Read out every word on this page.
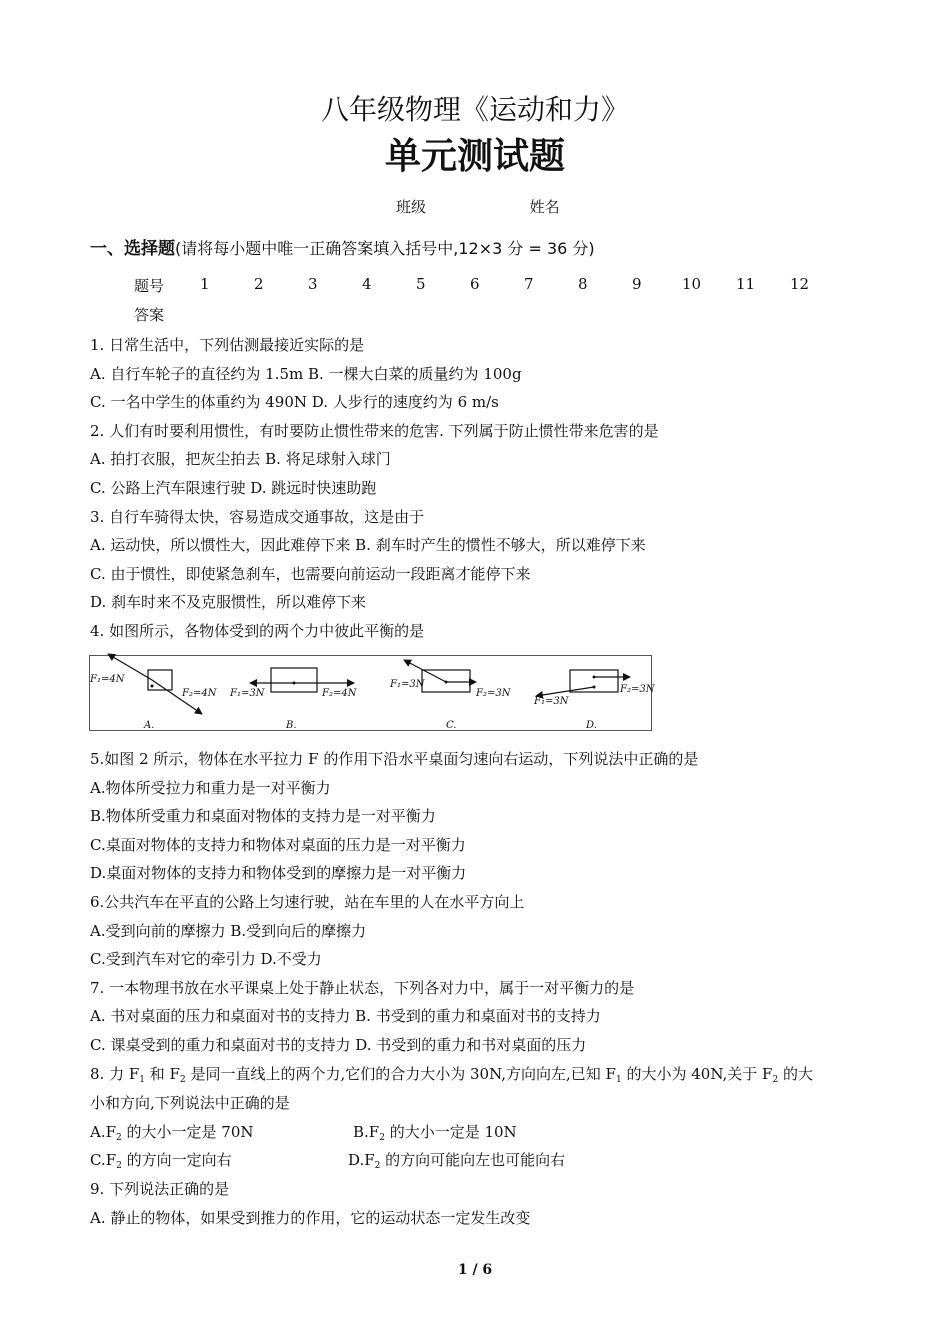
八年级物理《运动和力》
单元测试题
班级	姓名
一、选择题(请将每小题中唯一正确答案填入括号中,12×3 分 = 36 分)
题号 1	2	3	4	5	6	7	8	9	10 11 12
答案
1. 日常生活中，下列估测最接近实际的是
A. 自行车轮子的直径约为 1.5m B. 一棵大白菜的质量约为 100g
C. 一名中学生的体重约为 490N D. 人步行的速度约为 6 m/s
2. 人们有时要利用惯性，有时要防止惯性带来的危害. 下列属于防止惯性带来危害的是
A. 拍打衣服，把灰尘拍去 B. 将足球射入球门
C. 公路上汽车限速行驶 D. 跳远时快速助跑
3. 自行车骑得太快，容易造成交通事故，这是由于
A. 运动快，所以惯性大，因此难停下来 B. 刹车时产生的惯性不够大，所以难停下来
C. 由于惯性，即使紧急刹车，也需要向前运动一段距离才能停下来
D. 刹车时来不及克服惯性，所以难停下来
4. 如图所示，各物体受到的两个力中彼此平衡的是
F₁=4N
F₂=4N
A.
F₁=3N	F₂=4N
B.
F₁=3N
F₂=3N
C.
F₂=3N
F₁=3N
D.
5.如图 2 所示，物体在水平拉力 F 的作用下沿水平桌面匀速向右运动，下列说法中正确的是
A.物体所受拉力和重力是一对平衡力
B.物体所受重力和桌面对物体的支持力是一对平衡力
C.桌面对物体的支持力和物体对桌面的压力是一对平衡力
D.桌面对物体的支持力和物体受到的摩擦力是一对平衡力
6.公共汽车在平直的公路上匀速行驶，站在车里的人在水平方向上
A.受到向前的摩擦力 B.受到向后的摩擦力
C.受到汽车对它的牵引力 D.不受力
7. 一本物理书放在水平课桌上处于静止状态，下列各对力中，属于一对平衡力的是
A. 书对桌面的压力和桌面对书的支持力 B. 书受到的重力和桌面对书的支持力
C. 课桌受到的重力和桌面对书的支持力 D. 书受到的重力和书对桌面的压力
8. 力 $F_1$ 和 $F_2$ 是同一直线上的两个力,它们的合力大小为 30N,方向向左,已知 $F_1$ 的大小为 40N,关于 $F_2$ 的大
小和方向,下列说法中正确的是
$A.F_2$ 的大小一定是 70N	$B.F_2$ 的大小一定是 10N
$C.F_2$ 的方向一定向右	$D.F_2$ 的方向可能向左也可能向右
9. 下列说法正确的是
A. 静止的物体，如果受到推力的作用，它的运动状态一定发生改变
1 / 6
